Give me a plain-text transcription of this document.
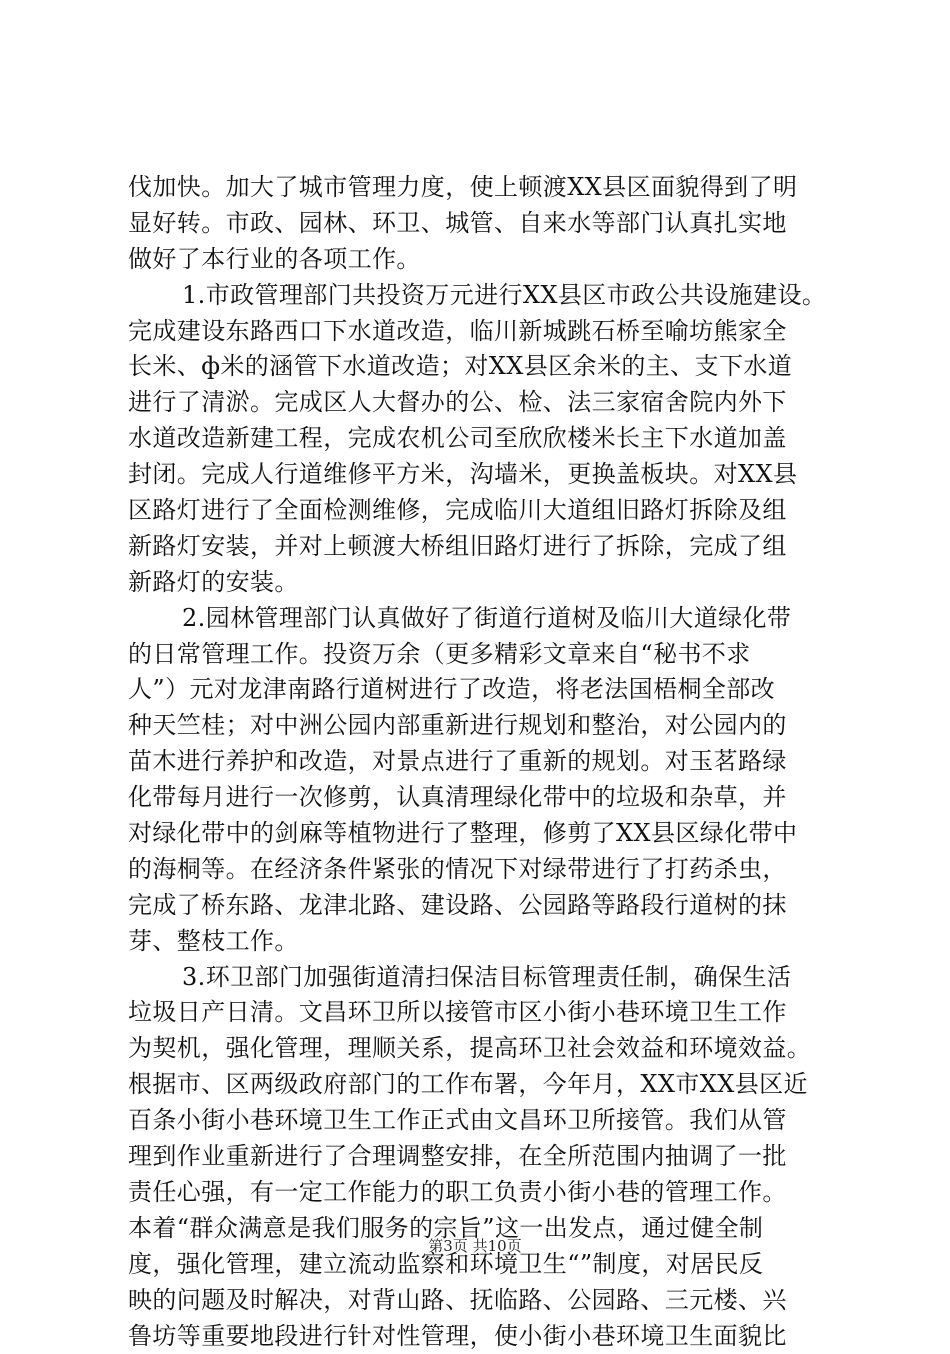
伐加快。加大了城市管理力度，使上顿渡XX县区面貌得到了明
显好转。市政、园林、环卫、城管、自来水等部门认真扎实地
做好了本行业的各项工作。
1.市政管理部门共投资万元进行XX县区市政公共设施建设。
完成建设东路西口下水道改造，临川新城跳石桥至喻坊熊家全
长米、ф米的涵管下水道改造；对XX县区余米的主、支下水道
进行了清淤。完成区人大督办的公、检、法三家宿舍院内外下
水道改造新建工程，完成农机公司至欣欣楼米长主下水道加盖
封闭。完成人行道维修平方米，沟墙米，更换盖板块。对XX县
区路灯进行了全面检测维修，完成临川大道组旧路灯拆除及组
新路灯安装，并对上顿渡大桥组旧路灯进行了拆除，完成了组
新路灯的安装。
2.园林管理部门认真做好了街道行道树及临川大道绿化带
的日常管理工作。投资万余（更多精彩文章来自“秘书不求
人”）元对龙津南路行道树进行了改造，将老法国梧桐全部改
种天竺桂；对中洲公园内部重新进行规划和整治，对公园内的
苗木进行养护和改造，对景点进行了重新的规划。对玉茗路绿
化带每月进行一次修剪，认真清理绿化带中的垃圾和杂草，并
对绿化带中的剑麻等植物进行了整理，修剪了XX县区绿化带中
的海桐等。在经济条件紧张的情况下对绿带进行了打药杀虫，
完成了桥东路、龙津北路、建设路、公园路等路段行道树的抹
芽、整枝工作。
3.环卫部门加强街道清扫保洁目标管理责任制，确保生活
垃圾日产日清。文昌环卫所以接管市区小街小巷环境卫生工作
为契机，强化管理，理顺关系，提高环卫社会效益和环境效益。
根据市、区两级政府部门的工作布署，今年月，XX市XX县区近
百条小街小巷环境卫生工作正式由文昌环卫所接管。我们从管
理到作业重新进行了合理调整安排，在全所范围内抽调了一批
责任心强，有一定工作能力的职工负责小街小巷的管理工作。
本着“群众满意是我们服务的宗旨”这一出发点，通过健全制
度，强化管理，建立流动监察和环境卫生“”制度，对居民反
映的问题及时解决，对背山路、抚临路、公园路、三元楼、兴
鲁坊等重要地段进行针对性管理，使小街小巷环境卫生面貌比
第3页 共10页
